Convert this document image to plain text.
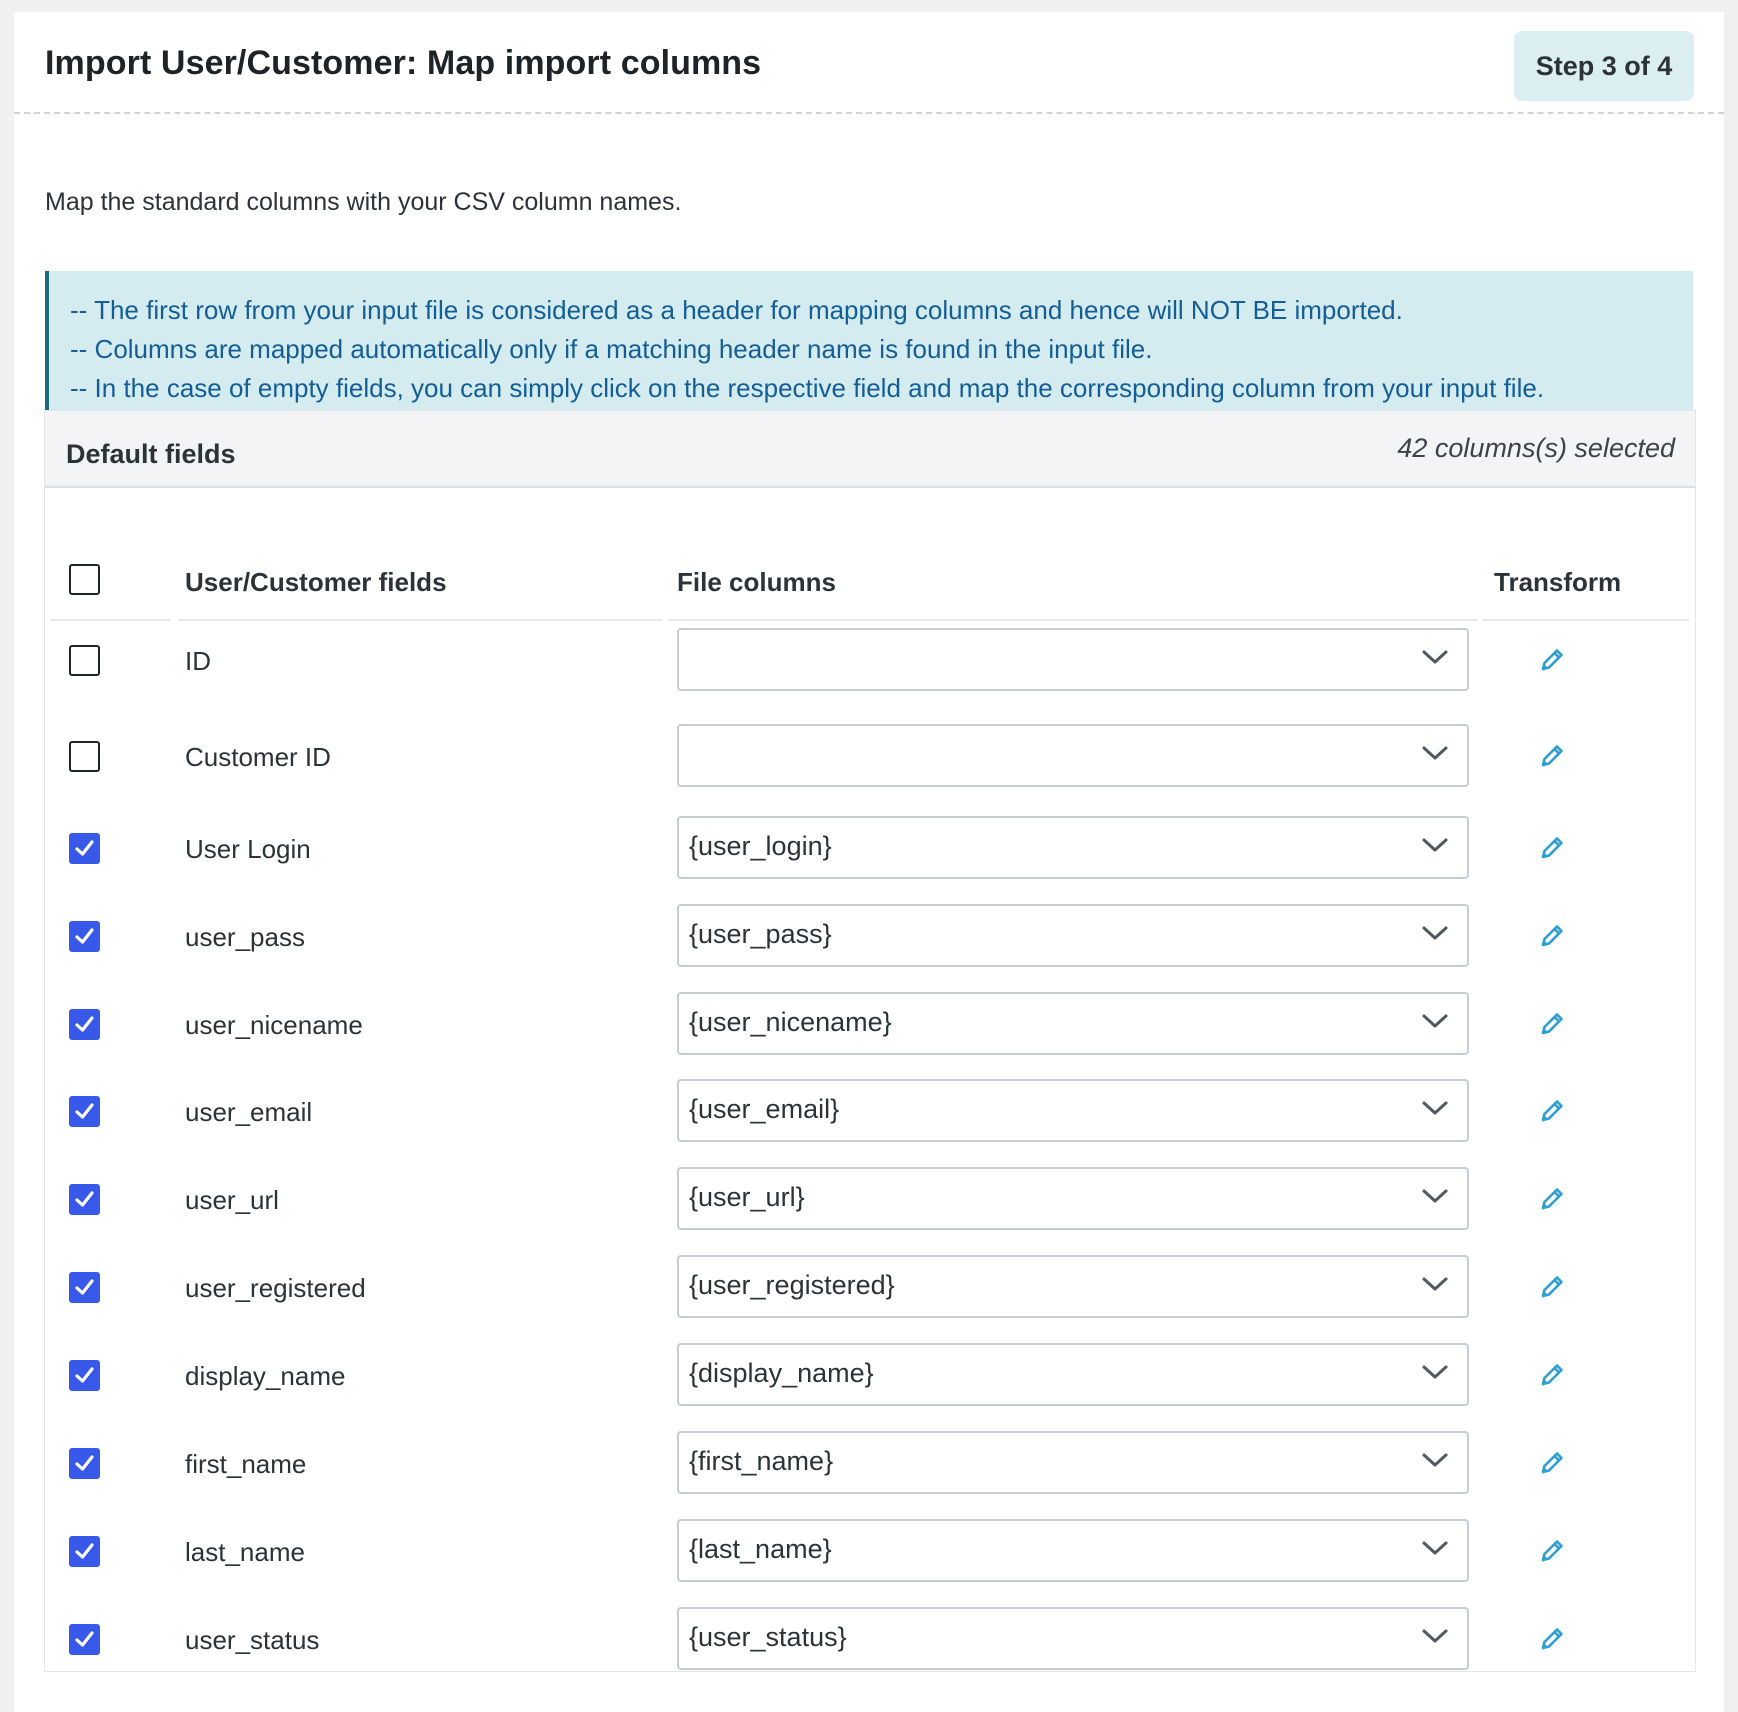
Import User/Customer: Map import columns	Step 3 of 4
Map the standard columns with your CSV column names.
-- The first row from your input file is considered as a header for mapping columns and hence will NOT BE imported.
-- Columns are mapped automatically only if a matching header name is found in the input file.
-- In the case of empty fields, you can simply click on the respective field and map the corresponding column from your input file.
Default fields	42 columns(s) selected
User/Customer fields	File columns	Transform
ID
Customer ID
User Login	{user_login}
user_pass	{user_pass}
user_nicename	{user_nicename}
user_email	{user_email}
user_url	{user_url}
user_registered	{user_registered}
display_name	{display_name}
first_name	{first_name}
last_name	{last_name}
user_status	{user_status}
